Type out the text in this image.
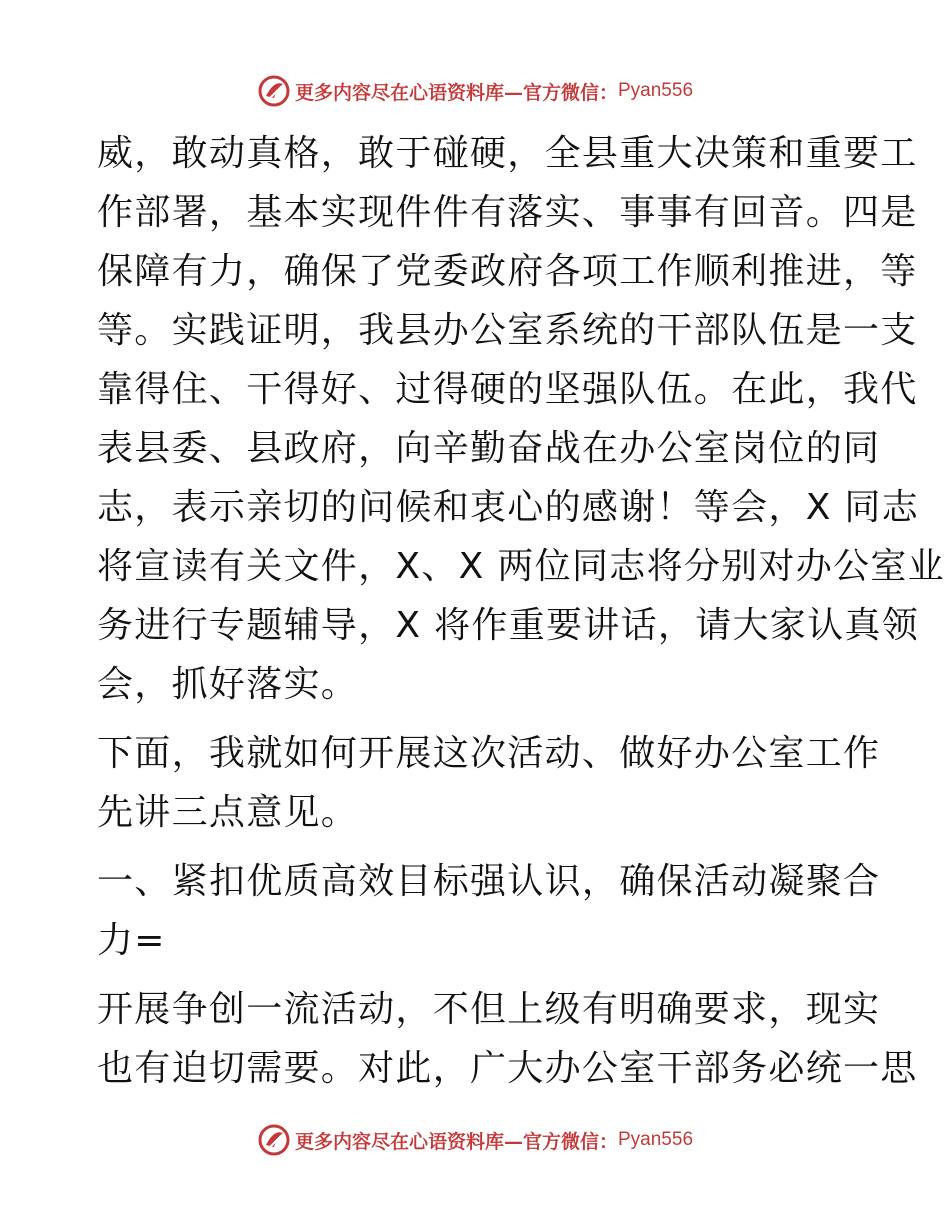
更多内容尽在心语资料库—官方微信： Pyan556

威，敢动真格，敢于碰硬，全县重大决策和重要工
作部署，基本实现件件有落实、事事有回音。四是
保障有力，确保了党委政府各项工作顺利推进，等
等。实践证明，我县办公室系统的干部队伍是一支
靠得住、干得好、过得硬的坚强队伍。在此，我代
表县委、县政府，向辛勤奋战在办公室岗位的同
志，表示亲切的问候和衷心的感谢！等会，X 同志
将宣读有关文件，X、X 两位同志将分别对办公室业
务进行专题辅导，X 将作重要讲话，请大家认真领
会，抓好落实。

下面，我就如何开展这次活动、做好办公室工作
先讲三点意见。

一、紧扣优质高效目标强认识，确保活动凝聚合
力=

开展争创一流活动，不但上级有明确要求，现实
也有迫切需要。对此，广大办公室干部务必统一思

更多内容尽在心语资料库—官方微信： Pyan556
